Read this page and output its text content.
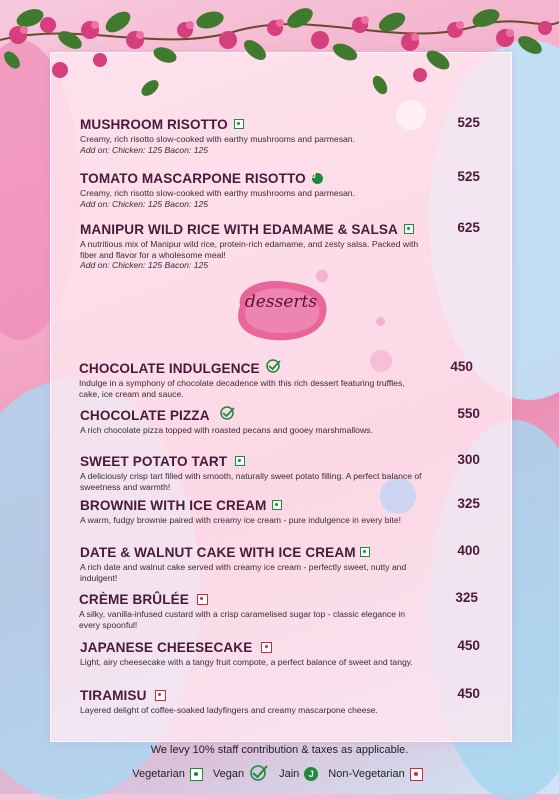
MUSHROOM RISOTTO	525
Creamy, rich risotto slow-cooked with earthy mushrooms and parmesan.
Add on: Chicken: 125 Bacon: 125
TOMATO MASCARPONE RISOTTO J	525
Creamy, rich risotto slow-cooked with earthy mushrooms and parmesan.
Add on: Chicken: 125 Bacon: 125
MANIPUR WILD RICE WITH EDAMAME & SALSA	625
A nutritious mix of Manipur wild rice, protein-rich edamame, and zesty salsa. Packed with fiber and flavor for a wholesome meal!
Add on: Chicken: 125 Bacon: 125
desserts
CHOCOLATE INDULGENCE	450
Indulge in a symphony of chocolate decadence with this rich dessert featuring truffles, cake, ice cream and sauce.
CHOCOLATE PIZZA	550
A rich chocolate pizza topped with roasted pecans and gooey marshmallows.
SWEET POTATO TART	300
A deliciously crisp tart filled with smooth, naturally sweet potato filling. A perfect balance of sweetness and warmth!
BROWNIE WITH ICE CREAM	325
A warm, fudgy brownie paired with creamy ice cream - pure indulgence in every bite!
DATE & WALNUT CAKE WITH ICE CREAM	400
A rich date and walnut cake served with creamy ice cream - perfectly sweet, nutty and indulgent!
CRÈME BRÛLÉE	325
A silky, vanilla-infused custard with a crisp caramelised sugar top - classic elegance in every spoonful!
JAPANESE CHEESECAKE	450
Light, airy cheesecake with a tangy fruit compote, a perfect balance of sweet and tangy.
TIRAMISU	450
Layered delight of coffee-soaked ladyfingers and creamy mascarpone cheese.
We levy 10% staff contribution & taxes as applicable.
Vegetarian	Vegan	Jain	J	Non-Vegetarian
